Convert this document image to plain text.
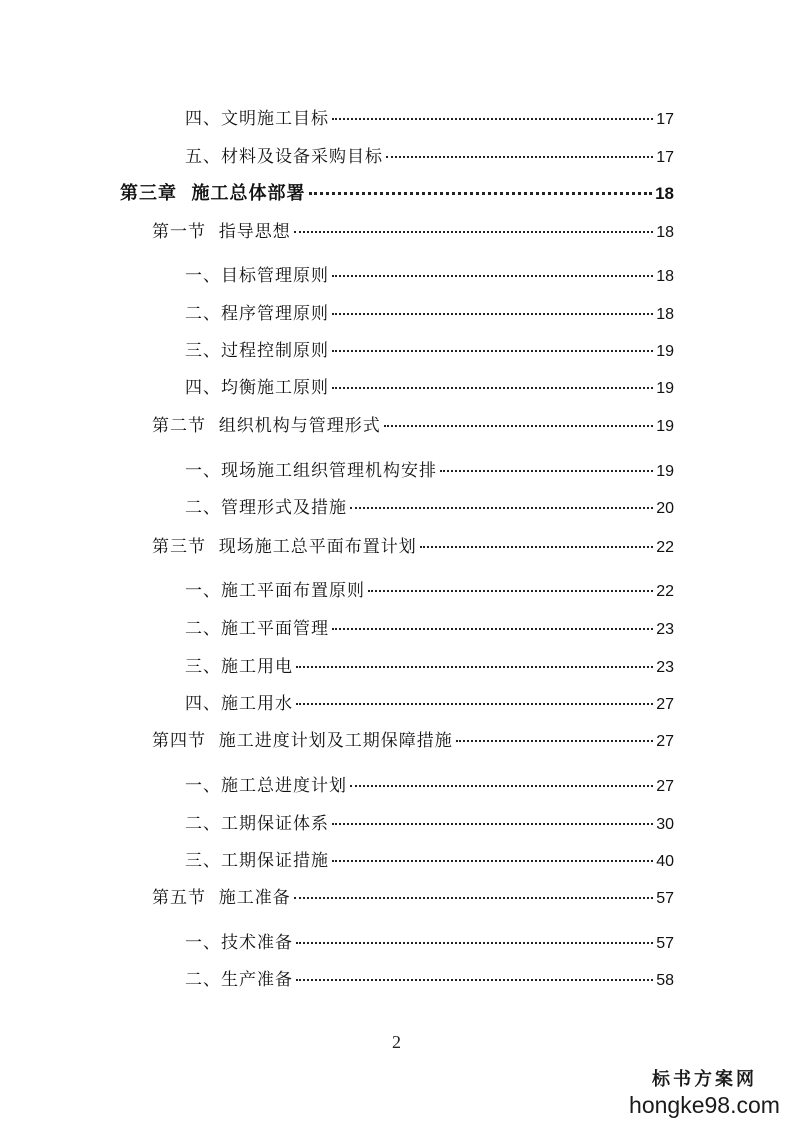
四、文明施工目标	17
五、材料及设备采购目标	17
第三章  施工总体部署	18
第一节  指导思想	18
一、目标管理原则	18
二、程序管理原则	18
三、过程控制原则	19
四、均衡施工原则	19
第二节  组织机构与管理形式	19
一、现场施工组织管理机构安排	19
二、管理形式及措施	20
第三节  现场施工总平面布置计划	22
一、施工平面布置原则	22
二、施工平面管理	23
三、施工用电	23
四、施工用水	27
第四节  施工进度计划及工期保障措施	27
一、施工总进度计划	27
二、工期保证体系	30
三、工期保证措施	40
第五节  施工准备	57
一、技术准备	57
二、生产准备	58
2
标书方案网
hongke98.com
